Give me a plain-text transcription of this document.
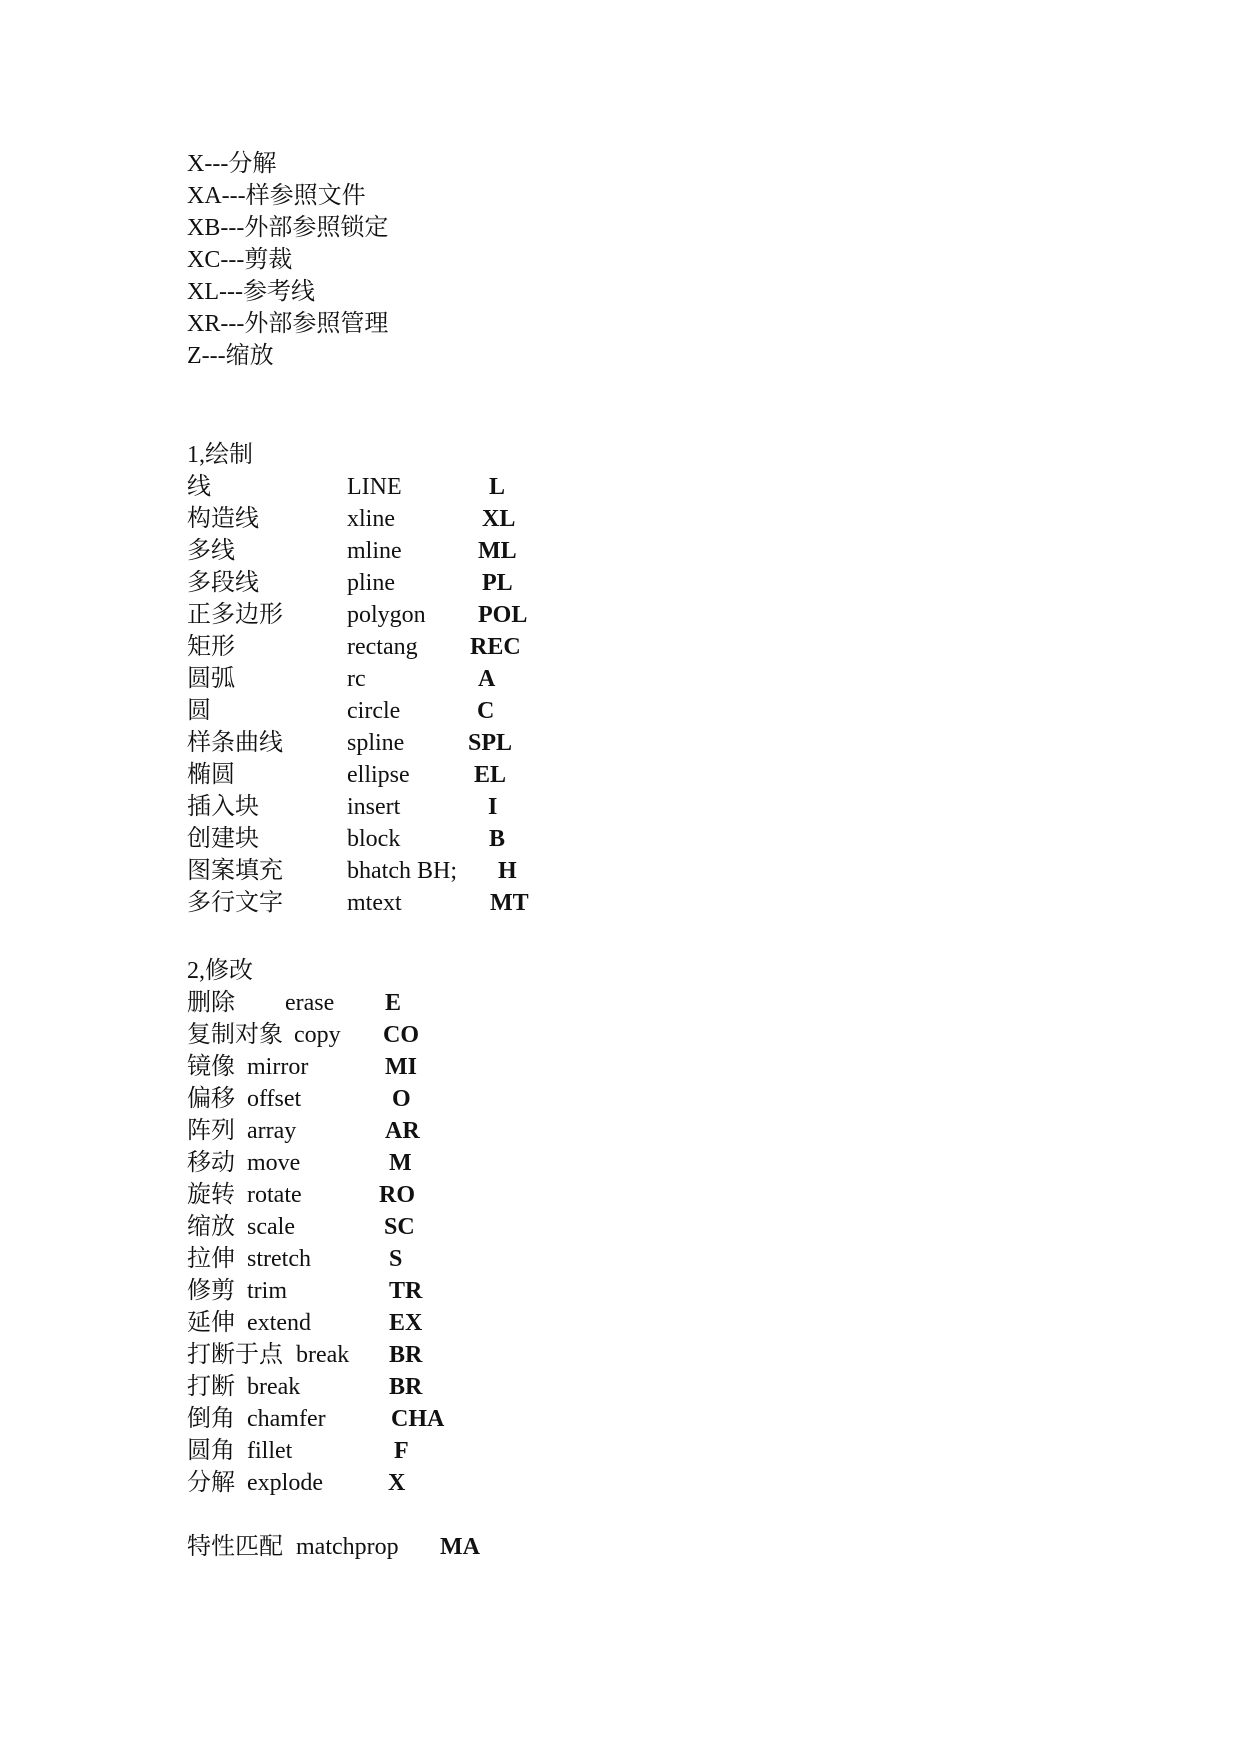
X---分解
XA---样参照文件
XB---外部参照锁定
XC---剪裁
XL---参考线
XR---外部参照管理
Z---缩放
1,绘制
线	LINE	L
构造线	xline	XL
多线	mline	ML
多段线	pline	PL
正多边形	polygon POL
矩形	rectang REC
圆弧	rc	A
圆	circle	C
样条曲线	spline	SPL
椭圆	ellipse	EL
插入块	insert	I
创建块	block	B
图案填充	bhatch BH; H
多行文字	mtext	MT
2,修改
删除 erase E
复制对象 copy CO
镜像 mirror	MI
偏移 offset	O
阵列 array	AR
移动 move	M
旋转 rotate	RO
缩放 scale	SC
拉伸 stretch	S
修剪 trim	TR
延伸 extend	EX
打断于点 break BR
打断 break	BR
倒角 chamfer	CHA
圆角 fillet	F
分解 explode	X
特性匹配 matchprop MA
